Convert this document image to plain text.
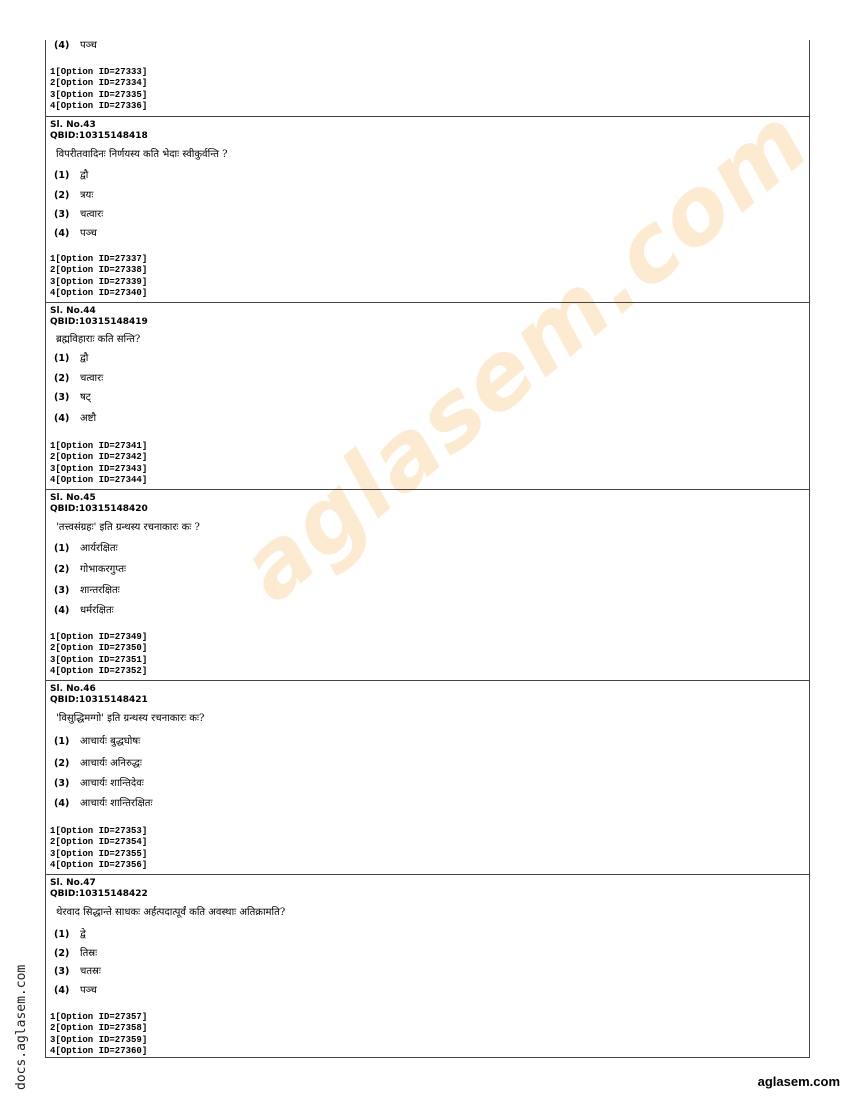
aglasem.com
(4) पञ्च
1[Option ID=27333]
2[Option ID=27334]
3[Option ID=27335]
4[Option ID=27336]
Sl. No.43
QBID:10315148418
विपरीतवादिनः निर्णयस्य कति भेदाः स्वीकुर्वन्ति ?
(1) द्वौ
(2) त्रयः
(3) चत्वारः
(4) पञ्च
1[Option ID=27337]
2[Option ID=27338]
3[Option ID=27339]
4[Option ID=27340]
Sl. No.44
QBID:10315148419
ब्रह्मविहाराः कति सन्ति?
(1) द्वौ
(2) चत्वारः
(3) षट्
(4) अष्टौ
1[Option ID=27341]
2[Option ID=27342]
3[Option ID=27343]
4[Option ID=27344]
Sl. No.45
QBID:10315148420
'तत्त्वसंग्रहः' इति ग्रन्थस्य रचनाकारः कः ?
(1) आर्यरक्षितः
(2) गोभाकरगुप्तः
(3) शान्तरक्षितः
(4) धर्मरक्षितः
1[Option ID=27349]
2[Option ID=27350]
3[Option ID=27351]
4[Option ID=27352]
Sl. No.46
QBID:10315148421
'विसुद्धिमग्गो' इति ग्रन्थस्य रचनाकारः कः?
(1) आचार्यः बुद्धघोषः
(2) आचार्यः अनिरुद्धः
(3) आचार्यः शान्तिदेवः
(4) आचार्यः शान्तिरक्षितः
1[Option ID=27353]
2[Option ID=27354]
3[Option ID=27355]
4[Option ID=27356]
Sl. No.47
QBID:10315148422
थेरवाद सिद्धान्ते साधकः अर्हत्पदात्पूर्वं कति अवस्थाः अतिक्रामति?
(1) द्वे
(2) तिस्रः
(3) चतस्रः
(4) पञ्च
1[Option ID=27357]
2[Option ID=27358]
3[Option ID=27359]
4[Option ID=27360]
docs.aglasem.com	aglasem.com
